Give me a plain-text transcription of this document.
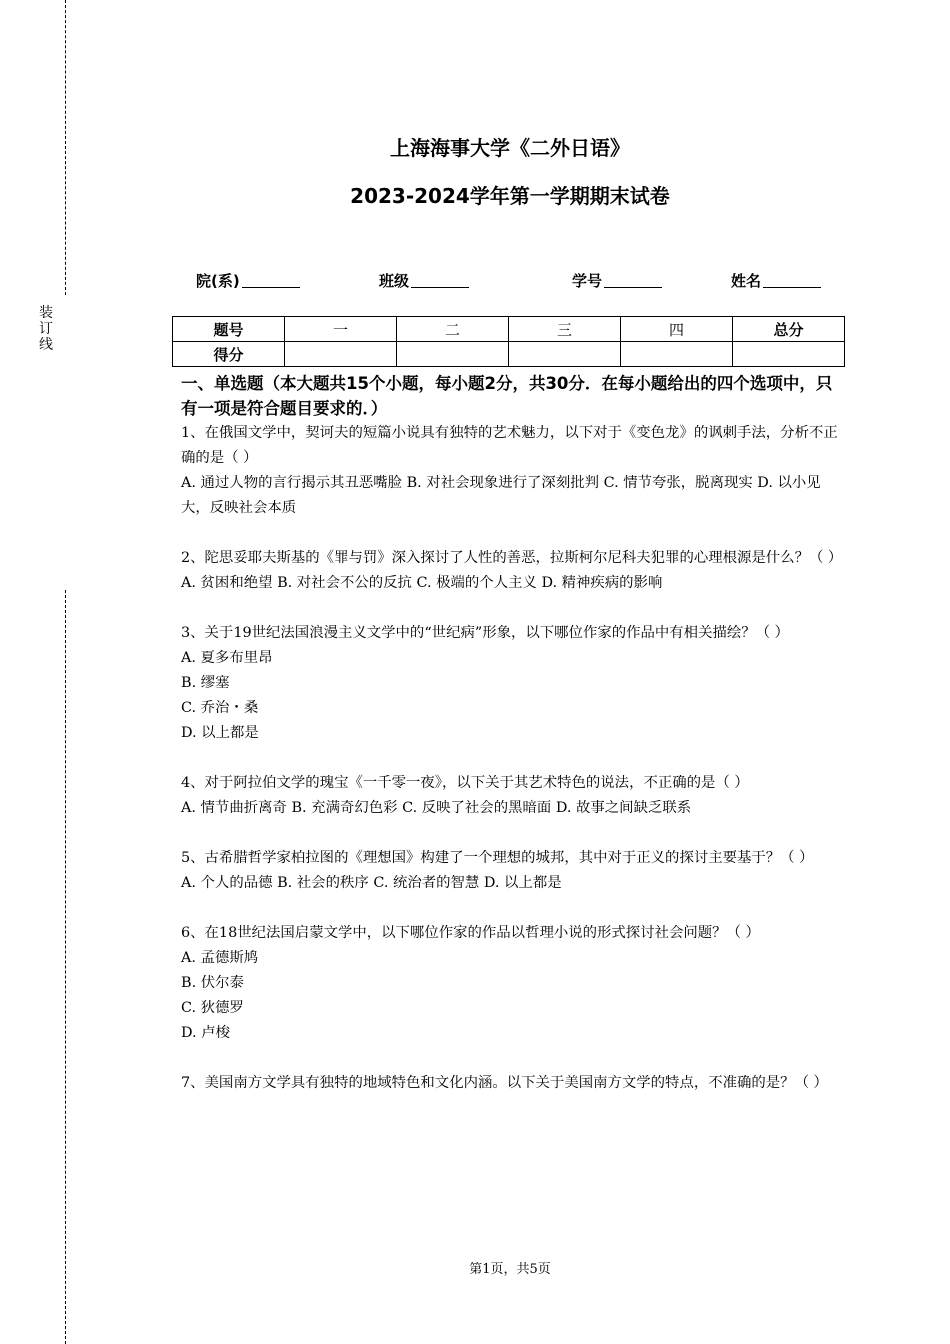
装订线
上海海事大学《二外日语》
2023-2024学年第一学期期末试卷
院(系)	班级	学号	姓名
题号	一	二	三	四	总分
得分					

一、单选题（本大题共15个小题，每小题2分，共30分．在每小题给出的四个选项中，只有一项是符合题目要求的．）

1、在俄国文学中，契诃夫的短篇小说具有独特的艺术魅力，以下对于《变色龙》的讽刺手法，分析不正确的是（ ）

A. 通过人物的言行揭示其丑恶嘴脸 B. 对社会现象进行了深刻批判 C. 情节夸张，脱离现实 D. 以小见大，反映社会本质

2、陀思妥耶夫斯基的《罪与罚》深入探讨了人性的善恶，拉斯柯尔尼科夫犯罪的心理根源是什么？（ ）

A. 贫困和绝望 B. 对社会不公的反抗 C. 极端的个人主义 D. 精神疾病的影响

3、关于19世纪法国浪漫主义文学中的“世纪病”形象，以下哪位作家的作品中有相关描绘？（ ）

A. 夏多布里昂

B. 缪塞

C. 乔治・桑

D. 以上都是

4、对于阿拉伯文学的瑰宝《一千零一夜》，以下关于其艺术特色的说法，不正确的是（ ）

A. 情节曲折离奇 B. 充满奇幻色彩 C. 反映了社会的黑暗面 D. 故事之间缺乏联系

5、古希腊哲学家柏拉图的《理想国》构建了一个理想的城邦，其中对于正义的探讨主要基于？（ ）

A. 个人的品德 B. 社会的秩序 C. 统治者的智慧 D. 以上都是

6、在18世纪法国启蒙文学中，以下哪位作家的作品以哲理小说的形式探讨社会问题？（ ）

A. 孟德斯鸠

B. 伏尔泰

C. 狄德罗

D. 卢梭

7、美国南方文学具有独特的地域特色和文化内涵。以下关于美国南方文学的特点，不准确的是？（ ）

第1页，共5页
